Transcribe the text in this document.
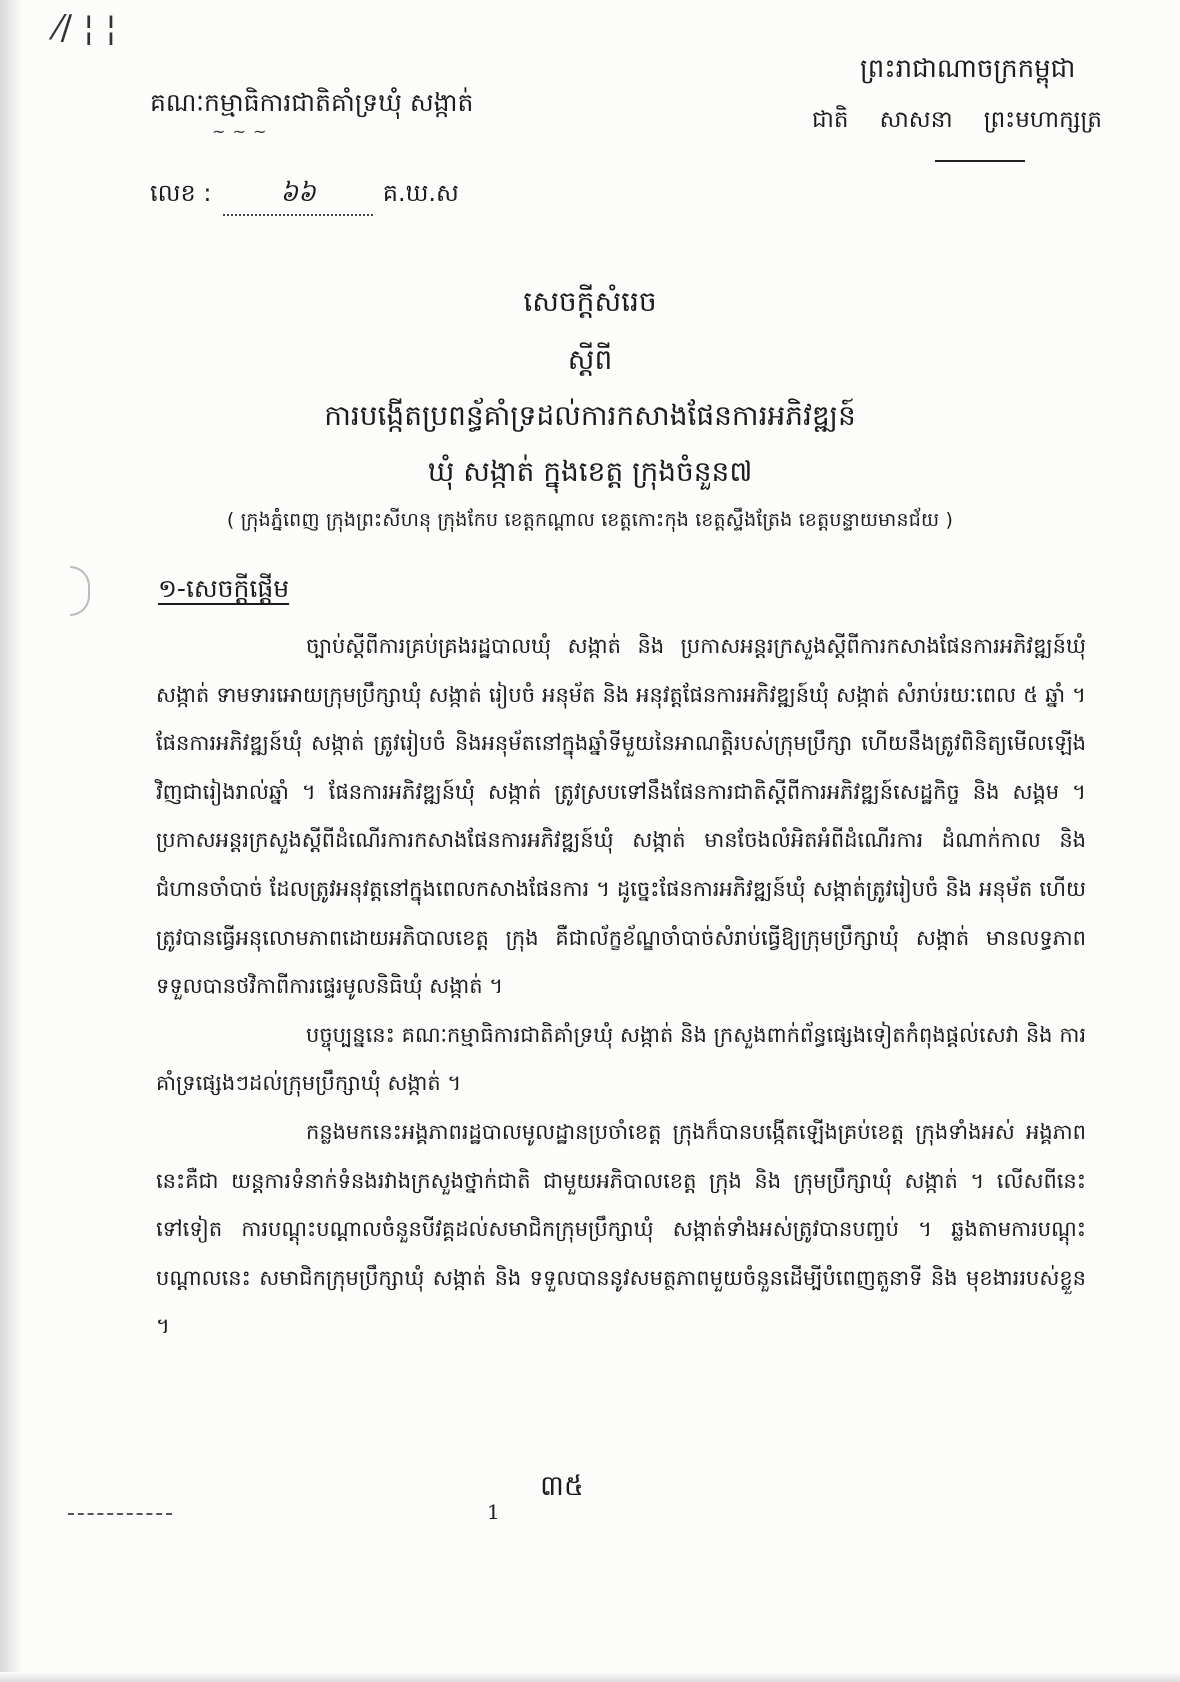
⁄/ ¦ ¦
គណៈកម្មាធិការជាតិគាំទ្រឃុំ សង្កាត់
~ ~ ~
លេខ :	៦៦	គ.ឃ.ស
ព្រះរាជាណាចក្រកម្ពុជា
ជាតិ សាសនា ព្រះមហាក្សត្រ
សេចក្តីសំរេច
ស្តីពី
ការបង្កើតប្រពន្ធ័គាំទ្រដល់ការកសាងផែនការអភិវឌ្ឍន៍
ឃុំ សង្កាត់ ក្នុងខេត្ត ក្រុងចំនួន៧
( ក្រុងភ្នំពេញ ក្រុងព្រះសីហនុ ក្រុងកែប ខេត្តកណ្តាល ខេត្តកោះកុង ខេត្តស្ទឹងត្រែង ខេត្តបន្ទាយមានជ័យ )
១-សេចក្តីផ្តើម

ច្បាប់ស្តីពីការគ្រប់គ្រងរដ្ឋបាលឃុំ សង្កាត់ និង ប្រកាសអន្តរក្រសួងស្តីពីការកសាងផែនការអភិវឌ្ឍន៍ឃុំ សង្កាត់ ទាមទារអោយក្រុមប្រឹក្សាឃុំ សង្កាត់ រៀបចំ អនុម័ត និង អនុវត្តផែនការអភិវឌ្ឍន៍ឃុំ សង្កាត់ សំរាប់រយៈពេល ៥ ឆ្នាំ ។ ផែនការអភិវឌ្ឍន៍ឃុំ សង្កាត់ ត្រូវរៀបចំ និងអនុម័តនៅក្នុងឆ្នាំទីមួយនៃអាណត្តិរបស់ក្រុមប្រឹក្សា ហើយនឹងត្រូវពិនិត្យមើលឡើងវិញជារៀងរាល់ឆ្នាំ ។ ផែនការអភិវឌ្ឍន៍ឃុំ សង្កាត់ ត្រូវស្របទៅនឹងផែនការជាតិស្តីពីការអភិវឌ្ឍន៍សេដ្ឋកិច្ច និង សង្គម ។ ប្រកាសអន្តរក្រសួងស្តីពីដំណើរការកសាងផែនការអភិវឌ្ឍន៍ឃុំ សង្កាត់ មានចែងលំអិតអំពីដំណើរការ ដំណាក់កាល និង ជំហានចាំបាច់ ដែលត្រូវអនុវត្តនៅក្នុងពេលកសាងផែនការ ។ ដូច្នេះផែនការអភិវឌ្ឍន៍ឃុំ សង្កាត់ត្រូវរៀបចំ និង អនុម័ត ហើយត្រូវបានធ្វើអនុលោមភាពដោយអភិបាលខេត្ត ក្រុង គឺជាល័ក្ខខ័ណ្ឌចាំបាច់សំរាប់ធ្វើឱ្យក្រុមប្រឹក្សាឃុំ សង្កាត់ មានលទ្ធភាពទទួលបានថវិកាពីការផ្ទេរមូលនិធិឃុំ សង្កាត់ ។

បច្ចុប្បន្ននេះ គណៈកម្មាធិការជាតិគាំទ្រឃុំ សង្កាត់ និង ក្រសួងពាក់ព័ន្ធផ្សេងទៀតកំពុងផ្តល់សេវា និង ការគាំទ្រផ្សេងៗដល់ក្រុមប្រឹក្សាឃុំ សង្កាត់ ។

កន្លងមកនេះអង្គភាពរដ្ឋបាលមូលដ្ឋានប្រចាំខេត្ត ក្រុងក៏បានបង្កើតឡើងគ្រប់ខេត្ត ក្រុងទាំងអស់ អង្គភាពនេះគឺជា យន្តការទំនាក់ទំនងរវាងក្រសួងថ្នាក់ជាតិ ជាមួយអភិបាលខេត្ត ក្រុង និង ក្រុមប្រឹក្សាឃុំ សង្កាត់ ។ លើសពីនេះទៅទៀត ការបណ្តុះបណ្តាលចំនួនបីវគ្គដល់សមាជិកក្រុមប្រឹក្សាឃុំ សង្កាត់ទាំងអស់ត្រូវបានបញ្ចប់ ។ ឆ្លងតាមការបណ្តុះបណ្តាលនេះ សមាជិកក្រុមប្រឹក្សាឃុំ សង្កាត់ និង ទទួលបាននូវសមត្ថភាពមួយចំនួនដើម្បីបំពេញតួនាទី និង មុខងាររបស់ខ្លួន ។

៣៥
1
